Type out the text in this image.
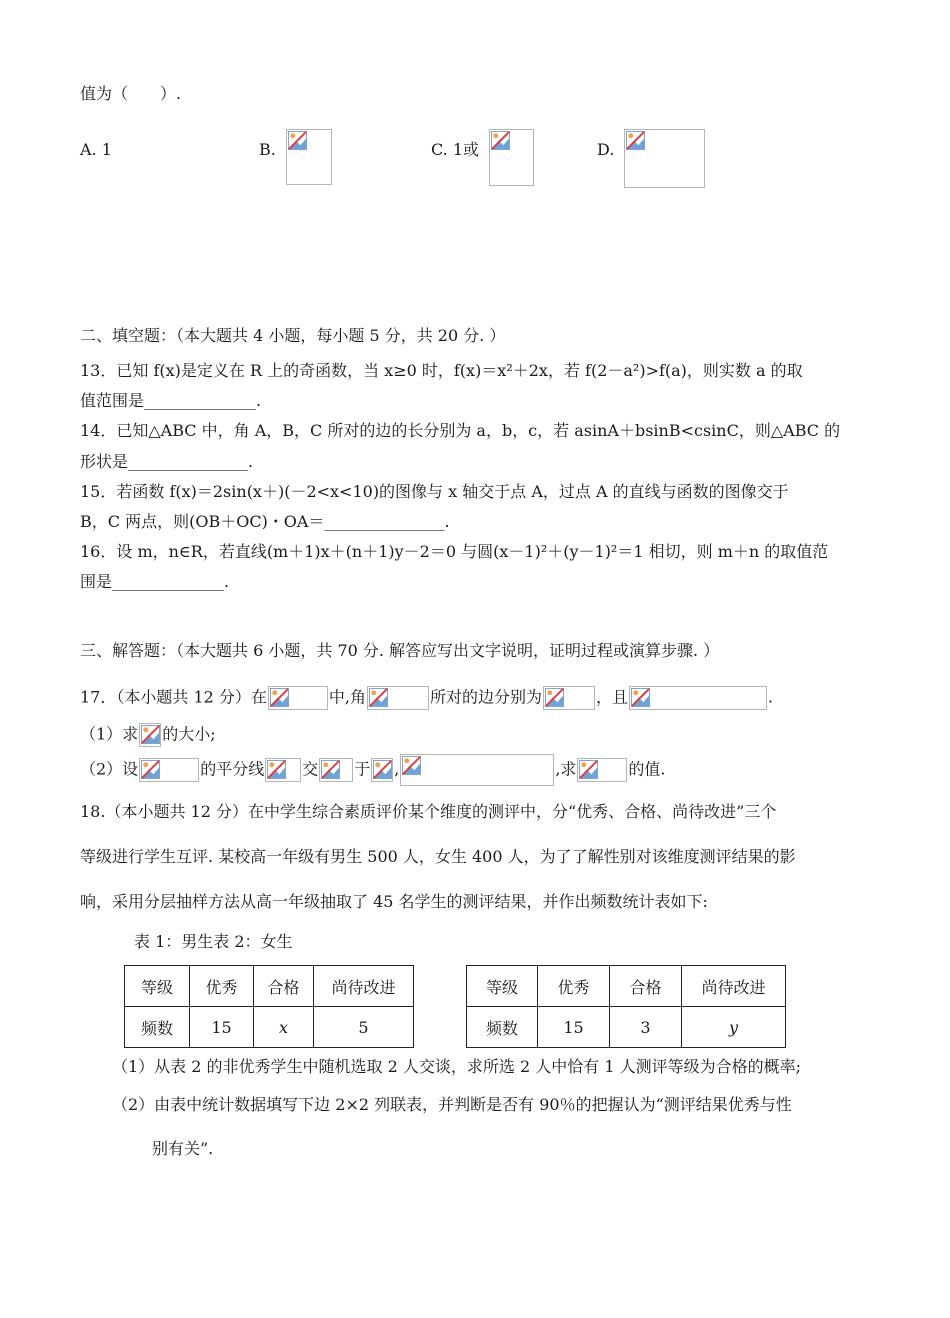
值为（　　）.
A. 1	B.	C. 1或	D.
二、填空题：（本大题共 4 小题，每小题 5 分，共 20 分. ）
13．已知 f(x)是定义在 R 上的奇函数，当 x≥0 时，f(x)＝x²＋2x，若 f(2－a²)>f(a)，则实数 a 的取
值范围是______________.
14．已知△ABC 中，角 A，B，C 所对的边的长分别为 a，b，c，若 asinA＋bsinB<csinC，则△ABC 的
形状是_______________.
15．若函数 f(x)＝2sin(x＋)(－2<x<10)的图像与 x 轴交于点 A，过点 A 的直线与函数的图像交于
B，C 两点，则(OB＋OC)・OA＝_______________.
16．设 m，n∈R，若直线(m＋1)x＋(n＋1)y－2＝0 与圆(x－1)²＋(y－1)²＝1 相切，则 m＋n 的取值范
围是______________.
三、解答题：（本大题共 6 小题，共 70 分. 解答应写出文字说明，证明过程或演算步骤. ）
17．（本小题共 12 分）在	中,角	所对的边分别为	，且	.
（1）求 的大小;
（2）设	的平分线 交 于 ,	,求	的值.
18.（本小题共 12 分）在中学生综合素质评价某个维度的测评中，分“优秀、合格、尚待改进”三个
等级进行学生互评. 某校高一年级有男生 500 人，女生 400 人，为了了解性别对该维度测评结果的影
响，采用分层抽样方法从高一年级抽取了 45 名学生的测评结果，并作出频数统计表如下:
表 1：男生表 2：女生
等级	优秀	合格	尚待改进
频数	15	x	5
等级	优秀	合格	尚待改进
频数	15	3	y
（1）从表 2 的非优秀学生中随机选取 2 人交谈，求所选 2 人中恰有 1 人测评等级为合格的概率;
（2）由表中统计数据填写下边 2×2 列联表，并判断是否有 90％的把握认为“测评结果优秀与性
别有关”.
